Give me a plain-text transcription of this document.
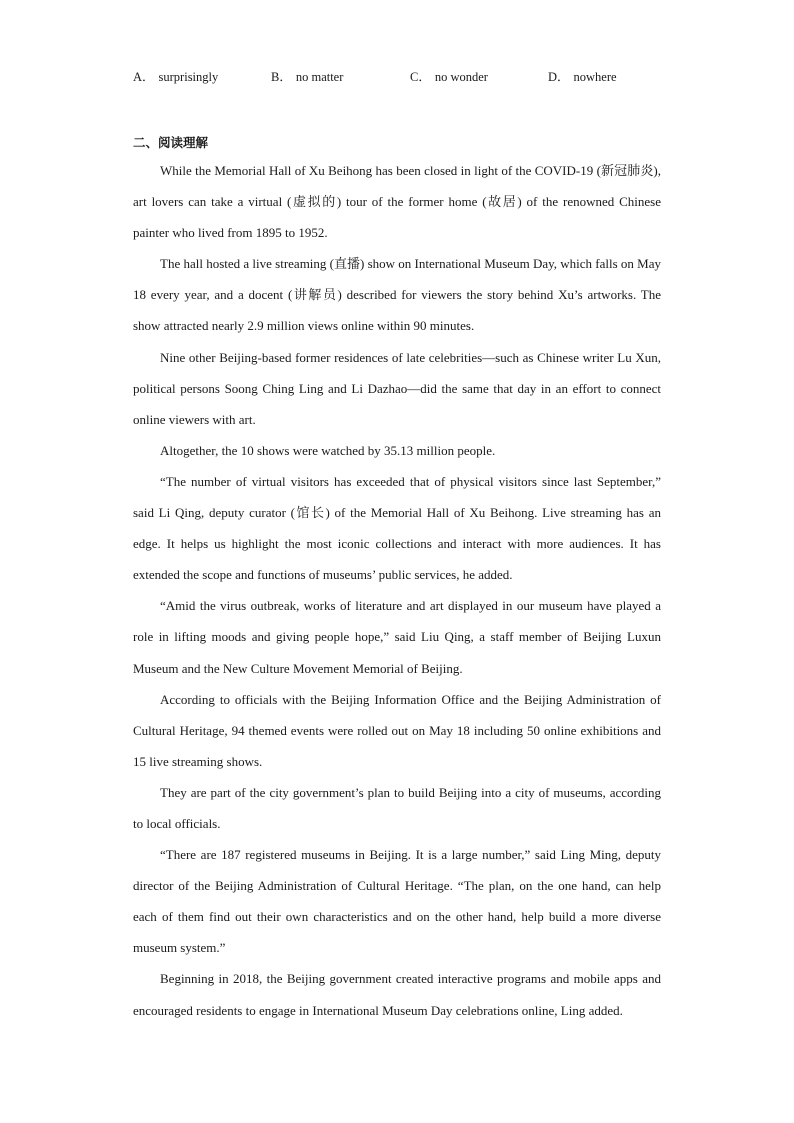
A． surprisingly	B． no matter	C． no wonder	D． nowhere
二、阅读理解

While the Memorial Hall of Xu Beihong has been closed in light of the COVID-19 (新冠肺炎), art lovers can take a virtual (虚拟的) tour of the former home (故居) of the renowned Chinese painter who lived from 1895 to 1952.

The hall hosted a live streaming (直播) show on International Museum Day, which falls on May 18 every year, and a docent (讲解员) described for viewers the story behind Xu’s artworks. The show attracted nearly 2.9 million views online within 90 minutes.

Nine other Beijing-based former residences of late celebrities—such as Chinese writer Lu Xun, political persons Soong Ching Ling and Li Dazhao—did the same that day in an effort to connect online viewers with art.

Altogether, the 10 shows were watched by 35.13 million people.

“The number of virtual visitors has exceeded that of physical visitors since last September,” said Li Qing, deputy curator (馆长) of the Memorial Hall of Xu Beihong. Live streaming has an edge. It helps us highlight the most iconic collections and interact with more audiences. It has extended the scope and functions of museums’ public services, he added.

“Amid the virus outbreak, works of literature and art displayed in our museum have played a role in lifting moods and giving people hope,” said Liu Qing, a staff member of Beijing Luxun Museum and the New Culture Movement Memorial of Beijing.

According to officials with the Beijing Information Office and the Beijing Administration of Cultural Heritage, 94 themed events were rolled out on May 18 including 50 online exhibitions and 15 live streaming shows.

They are part of the city government’s plan to build Beijing into a city of museums, according to local officials.

“There are 187 registered museums in Beijing. It is a large number,” said Ling Ming, deputy director of the Beijing Administration of Cultural Heritage. “The plan, on the one hand, can help each of them find out their own characteristics and on the other hand, help build a more diverse museum system.”

Beginning in 2018, the Beijing government created interactive programs and mobile apps and encouraged residents to engage in International Museum Day celebrations online, Ling added.
